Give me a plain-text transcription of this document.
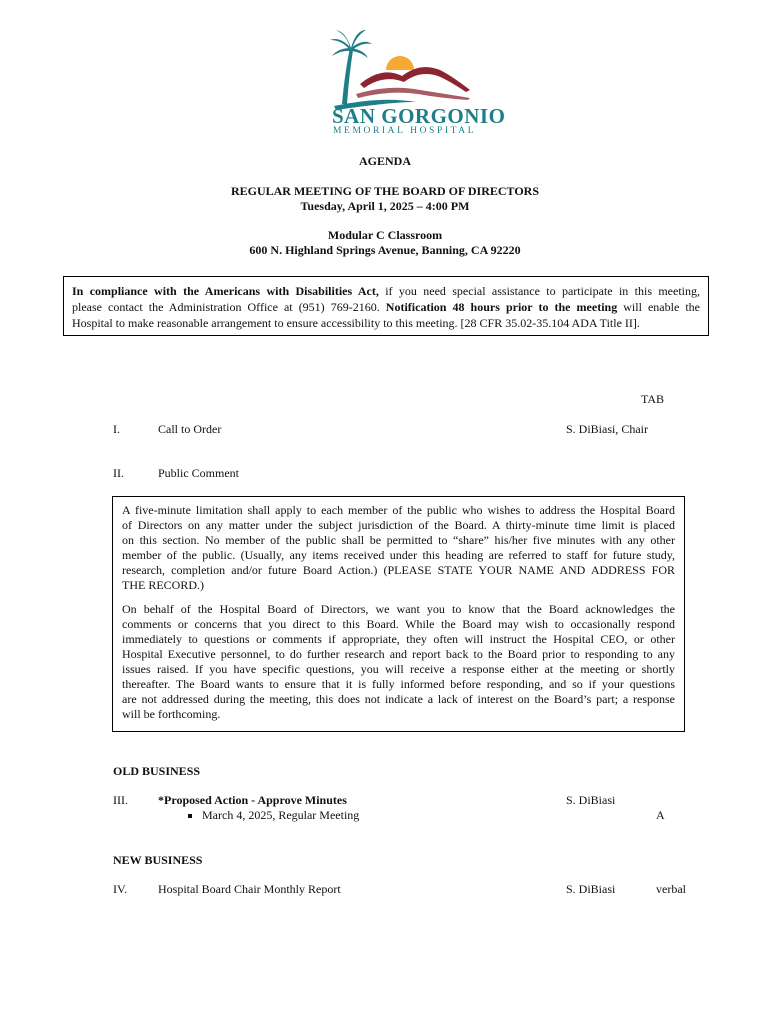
SAN GORGONIO
MEMORIAL HOSPITAL
AGENDA
REGULAR MEETING OF THE BOARD OF DIRECTORS
Tuesday, April 1, 2025 – 4:00 PM
Modular C Classroom
600 N. Highland Springs Avenue, Banning, CA 92220
In compliance with the Americans with Disabilities Act, if you need special assistance to participate in this meeting,
please contact the Administration Office at (951) 769-2160. Notification 48 hours prior to the meeting will enable the
Hospital to make reasonable arrangement to ensure accessibility to this meeting. [28 CFR 35.02-35.104 ADA Title II].
TAB
I.	Call to Order	S. DiBiasi, Chair
II.	Public Comment
A five-minute limitation shall apply to each member of the public who wishes to address the Hospital Board
of Directors on any matter under the subject jurisdiction of the Board. A thirty-minute time limit is placed
on this section. No member of the public shall be permitted to “share” his/her five minutes with any other
member of the public. (Usually, any items received under this heading are referred to staff for future study,
research, completion and/or future Board Action.) (PLEASE STATE YOUR NAME AND ADDRESS FOR
THE RECORD.)
On behalf of the Hospital Board of Directors, we want you to know that the Board acknowledges the
comments or concerns that you direct to this Board. While the Board may wish to occasionally respond
immediately to questions or comments if appropriate, they often will instruct the Hospital CEO, or other
Hospital Executive personnel, to do further research and report back to the Board prior to responding to any
issues raised. If you have specific questions, you will receive a response either at the meeting or shortly
thereafter. The Board wants to ensure that it is fully informed before responding, and so if your questions
are not addressed during the meeting, this does not indicate a lack of interest on the Board’s part; a response
will be forthcoming.
OLD BUSINESS
III.	*Proposed Action - Approve Minutes	S. DiBiasi
March 4, 2025, Regular Meeting	A
NEW BUSINESS
IV.	Hospital Board Chair Monthly Report	S. DiBiasi	verbal
